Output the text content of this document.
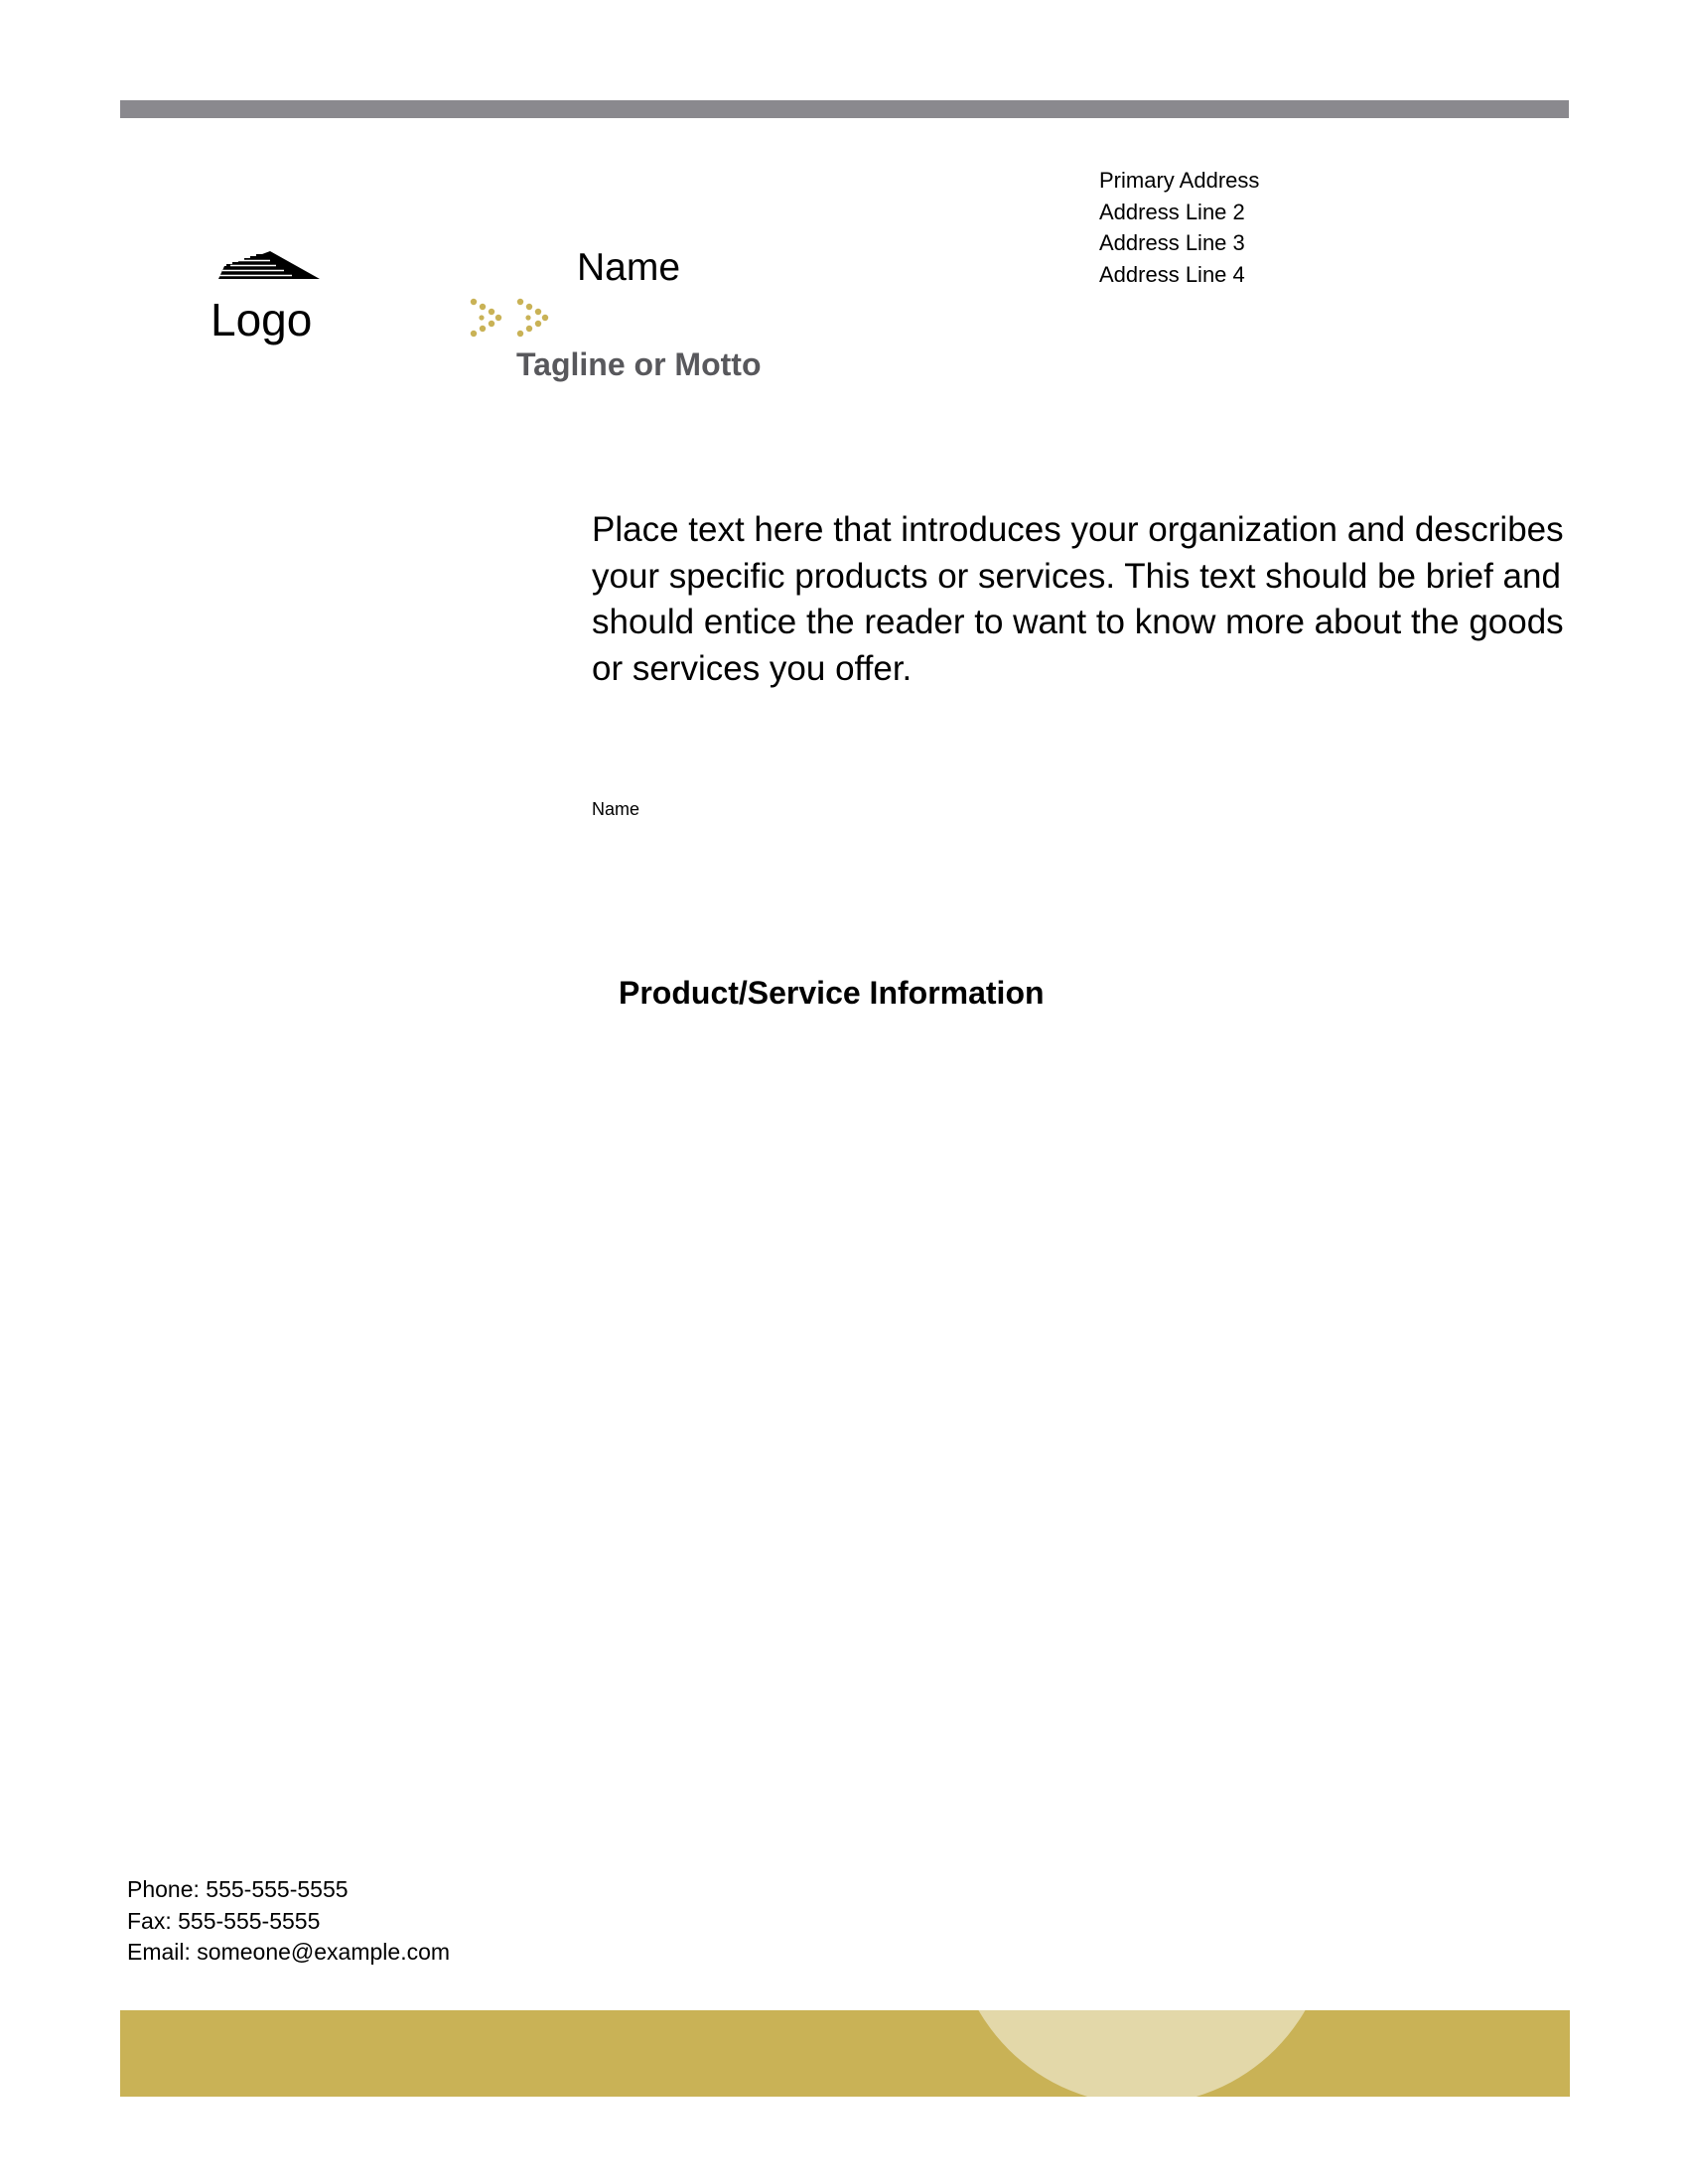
Logo
Name
Tagline or Motto
Primary Address
Address Line 2
Address Line 3
Address Line 4
Place text here that introduces your organization and describes your specific products or services. This text should be brief and should entice the reader to want to know more about the goods or services you offer.
Name
Product/Service Information
Phone: 555-555-5555
Fax: 555-555-5555
Email: someone@example.com
